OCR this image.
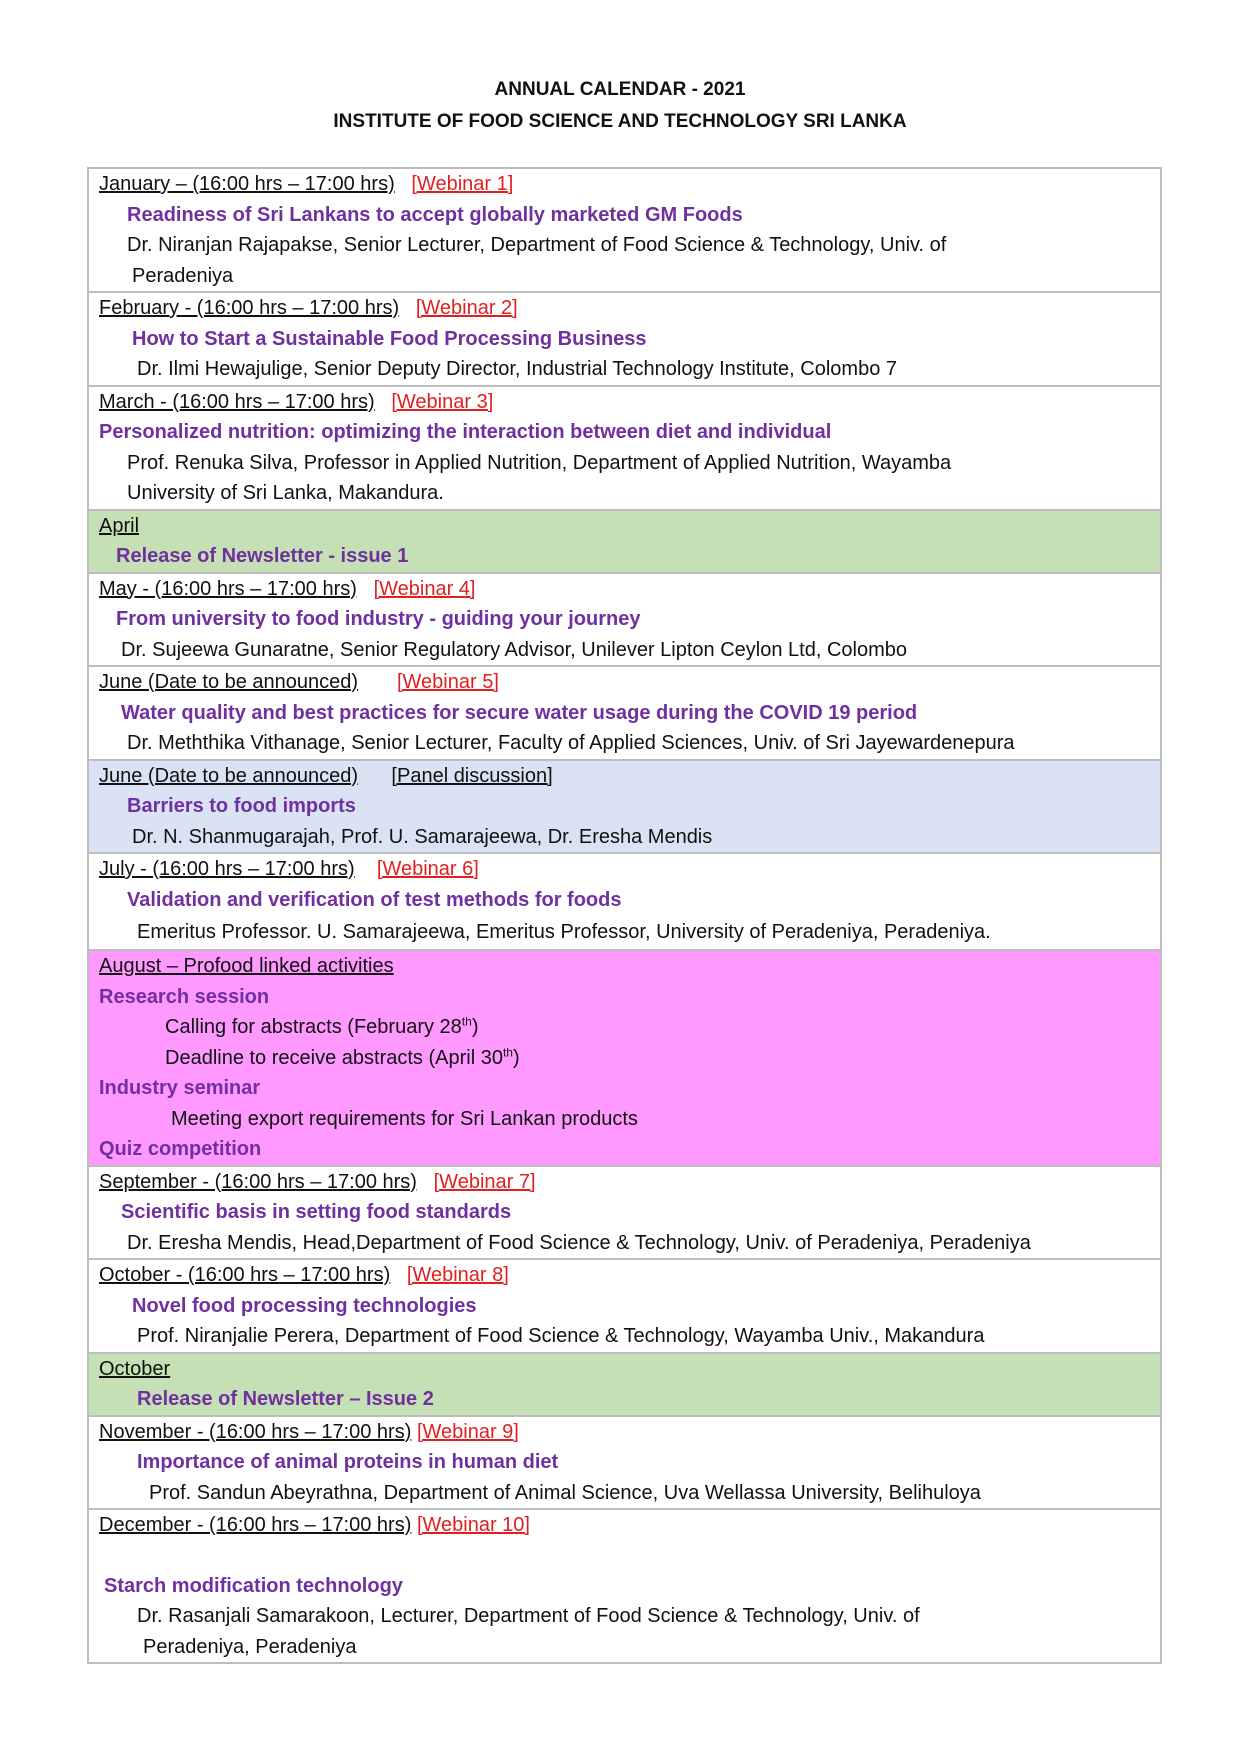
ANNUAL CALENDAR - 2021
INSTITUTE OF FOOD SCIENCE AND TECHNOLOGY SRI LANKA
January – (16:00 hrs – 17:00 hrs) [Webinar 1]
Readiness of Sri Lankans to accept globally marketed GM Foods
Dr. Niranjan Rajapakse, Senior Lecturer, Department of Food Science & Technology, Univ. of
Peradeniya
February - (16:00 hrs – 17:00 hrs) [Webinar 2]
How to Start a Sustainable Food Processing Business
Dr. Ilmi Hewajulige, Senior Deputy Director, Industrial Technology Institute, Colombo 7
March - (16:00 hrs – 17:00 hrs) [Webinar 3]
Personalized nutrition: optimizing the interaction between diet and individual
Prof. Renuka Silva, Professor in Applied Nutrition, Department of Applied Nutrition, Wayamba
University of Sri Lanka, Makandura.
April
Release of Newsletter - issue 1
May - (16:00 hrs – 17:00 hrs) [Webinar 4]
From university to food industry - guiding your journey
Dr. Sujeewa Gunaratne, Senior Regulatory Advisor, Unilever Lipton Ceylon Ltd, Colombo
June (Date to be announced) [Webinar 5]
Water quality and best practices for secure water usage during the COVID 19 period
Dr. Meththika Vithanage, Senior Lecturer, Faculty of Applied Sciences, Univ. of Sri Jayewardenepura
June (Date to be announced) [Panel discussion]
Barriers to food imports
Dr. N. Shanmugarajah, Prof. U. Samarajeewa, Dr. Eresha Mendis
July - (16:00 hrs – 17:00 hrs) [Webinar 6]
Validation and verification of test methods for foods
Emeritus Professor. U. Samarajeewa, Emeritus Professor, University of Peradeniya, Peradeniya.
August – Profood linked activities
Research session
Calling for abstracts (February 28th)
Deadline to receive abstracts (April 30th)
Industry seminar
Meeting export requirements for Sri Lankan products
Quiz competition
September - (16:00 hrs – 17:00 hrs) [Webinar 7]
Scientific basis in setting food standards
Dr. Eresha Mendis, Head,Department of Food Science & Technology, Univ. of Peradeniya, Peradeniya
October - (16:00 hrs – 17:00 hrs) [Webinar 8]
Novel food processing technologies
Prof. Niranjalie Perera, Department of Food Science & Technology, Wayamba Univ., Makandura
October
Release of Newsletter – Issue 2
November - (16:00 hrs – 17:00 hrs) [Webinar 9]
Importance of animal proteins in human diet
Prof. Sandun Abeyrathna, Department of Animal Science, Uva Wellassa University, Belihuloya
December - (16:00 hrs – 17:00 hrs) [Webinar 10]
Starch modification technology
Dr. Rasanjali Samarakoon, Lecturer, Department of Food Science & Technology, Univ. of
Peradeniya, Peradeniya
